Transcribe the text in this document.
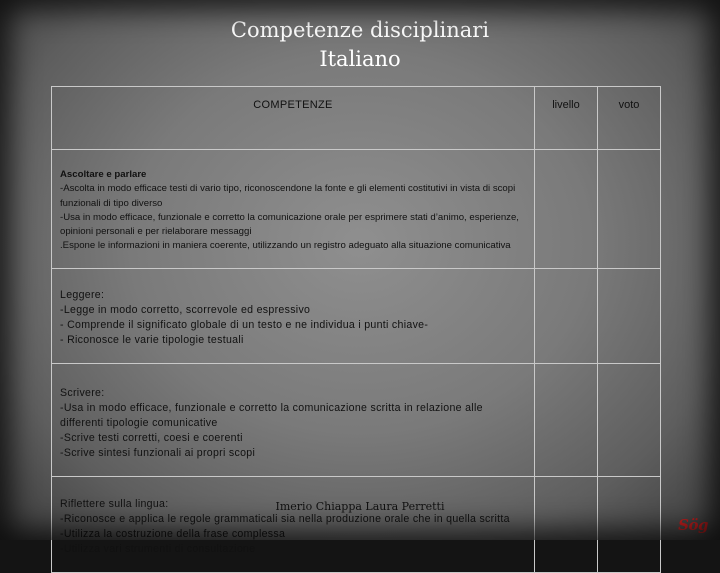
Competenze disciplinari
Italiano
COMPETENZE	livello	voto

Ascoltare e parlare

-Ascolta in modo efficace testi di vario tipo, riconoscendone la fonte e gli elementi costitutivi in vista di scopi funzionali di tipo diverso
-Usa in modo efficace, funzionale e corretto la comunicazione orale per esprimere stati d’animo, esperienze, opinioni personali e per rielaborare messaggi
.Espone le informazioni in maniera coerente, utilizzando un registro adeguato alla situazione comunicativa		

Leggere:

-Legge in modo corretto, scorrevole ed espressivo
- Comprende il significato globale di un testo e ne individua i punti chiave-
- Riconosce le varie tipologie testuali		

Scrivere:

-Usa in modo efficace, funzionale e corretto la comunicazione scritta in relazione alle differenti tipologie comunicative
-Scrive testi corretti, coesi e coerenti
-Scrive sintesi funzionali ai propri scopi		

Riflettere sulla lingua:

-Riconosce e applica le regole grammaticali sia nella produzione orale che in quella scritta
-Utilizza la costruzione della frase complessa
-Utilizza vari strumenti di consultazione		

Imerio Chiappa Laura Perretti
Sög
